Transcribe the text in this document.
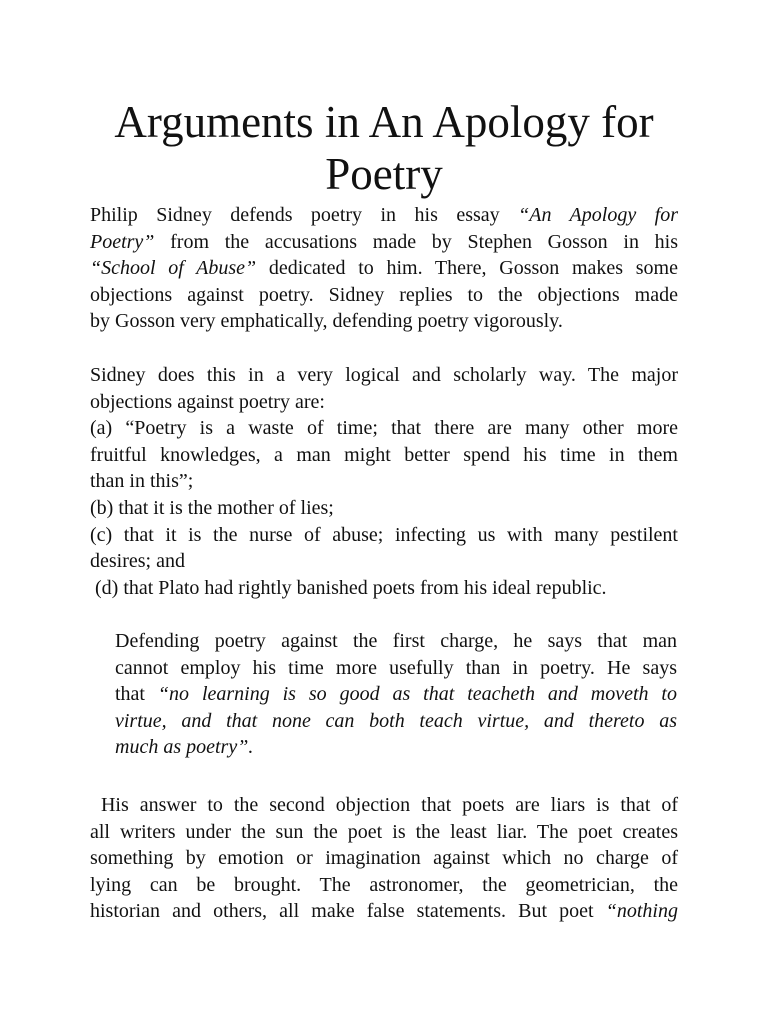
Arguments in An Apology for Poetry

Philip Sidney defends poetry in his essay “An Apology for
Poetry” from the accusations made by Stephen Gosson in his
“School of Abuse” dedicated to him. There, Gosson makes some
objections against poetry. Sidney replies to the objections made
by Gosson very emphatically, defending poetry vigorously.

Sidney does this in a very logical and scholarly way. The major
objections against poetry are:
(a) “Poetry is a waste of time; that there are many other more
fruitful knowledges, a man might better spend his time in them
than in this”;
(b) that it is the mother of lies;
(c) that it is the nurse of abuse; infecting us with many pestilent
desires; and
(d) that Plato had rightly banished poets from his ideal republic.

Defending poetry against the first charge, he says that man
cannot employ his time more usefully than in poetry. He says
that “no learning is so good as that teacheth and moveth to
virtue, and that none can both teach virtue, and thereto as
much as poetry”.

His answer to the second objection that poets are liars is that of
all writers under the sun the poet is the least liar. The poet creates
something by emotion or imagination against which no charge of
lying can be brought. The astronomer, the geometrician, the
historian and others, all make false statements. But poet “nothing
